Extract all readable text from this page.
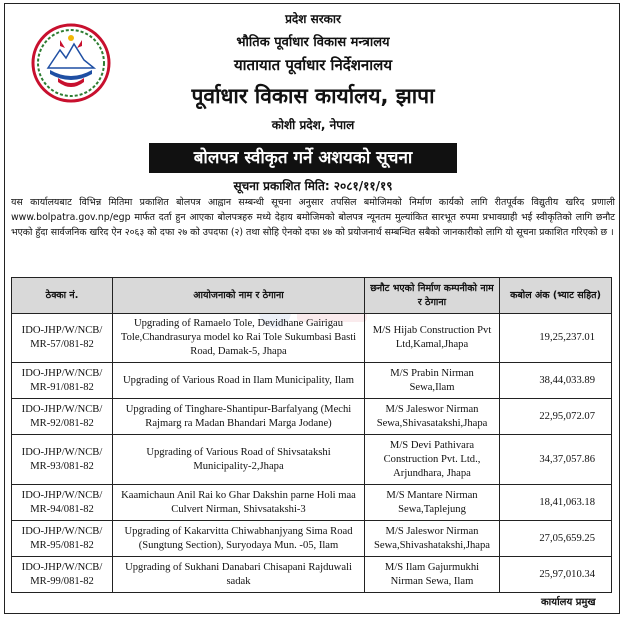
प्रदेश सरकार
भौतिक पूर्वाधार विकास मन्त्रालय
यातायात पूर्वाधार निर्देशनालय
पूर्वाधार विकास कार्यालय, झापा
कोशी प्रदेश, नेपाल
बोलपत्र स्वीकृत गर्ने अशयको सूचना
सूचना प्रकाशित मिति: २०८१/११/१९
यस कार्यालयबाट विभिन्न मितिमा प्रकाशित बोलपत्र आह्वान सम्बन्धी सूचना अनुसार तपसिल बमोजिमको निर्माण कार्यको लागि रीतपूर्वक विद्युतीय खरिद प्रणाली www.bolpatra.gov.np/egp मार्फत दर्ता हुन आएका बोलपत्रहरु मध्ये देहाय बमोजिमको बोलपत्र न्यूनतम मुल्यांकित सारभूत रुपमा प्रभावग्राही भई स्वीकृतिको लागि छनौट भएको हुँदा सार्वजनिक खरिद ऐन २०६३ को दफा २७ को उपदफा (२) तथा सोहि ऐनको दफा ४७ को प्रयोजनार्थ सम्बन्धित सबैको जानकारीको लागि यो सूचना प्रकाशित गरिएको छ ।
ठेक्का नं.	आयोजनाको नाम र ठेगाना	छनौट भएको निर्माण कम्पनीको नाम र ठेगाना	कबोल अंक (भ्याट सहित)
IDO-JHP/W/NCB/ MR-57/081-82	Upgrading of Ramaelo Tole, Devidhane Gairigau Tole,Chandrasurya model ko Rai Tole Sukumbasi Basti Road, Damak-5, Jhapa	M/S Hijab Construction Pvt Ltd,Kamal,Jhapa	19,25,237.01
IDO-JHP/W/NCB/ MR-91/081-82	Upgrading of Various Road in Ilam Municipality, Ilam	M/S Prabin Nirman Sewa,Ilam	38,44,033.89
IDO-JHP/W/NCB/ MR-92/081-82	Upgrading of Tinghare-Shantipur-Barfalyang (Mechi Rajmarg ra Madan Bhandari Marga Jodane)	M/S Jaleswor Nirman Sewa,Shivasatakshi,Jhapa	22,95,072.07
IDO-JHP/W/NCB/ MR-93/081-82	Upgrading of Various Road of Shivsatakshi Municipality-2,Jhapa	M/S Devi Pathivara Construction Pvt. Ltd., Arjundhara, Jhapa	34,37,057.86
IDO-JHP/W/NCB/ MR-94/081-82	Kaamichaun Anil Rai ko Ghar Dakshin parne Holi maa Culvert Nirman, Shivsatakshi-3	M/S Mantare Nirman Sewa,Taplejung	18,41,063.18
IDO-JHP/W/NCB/ MR-95/081-82	Upgrading of Kakarvitta Chiwabhanjyang Sima Road (Sungtung Section), Suryodaya Mun. -05, Ilam	M/S Jaleswor Nirman Sewa,Shivashatakshi,Jhapa	27,05,659.25
IDO-JHP/W/NCB/ MR-99/081-82	Upgrading of Sukhani Danabari Chisapani Rajduwali sadak	M/S Ilam Gajurmukhi Nirman Sewa, Ilam	25,97,010.34
कार्यालय प्रमुख
